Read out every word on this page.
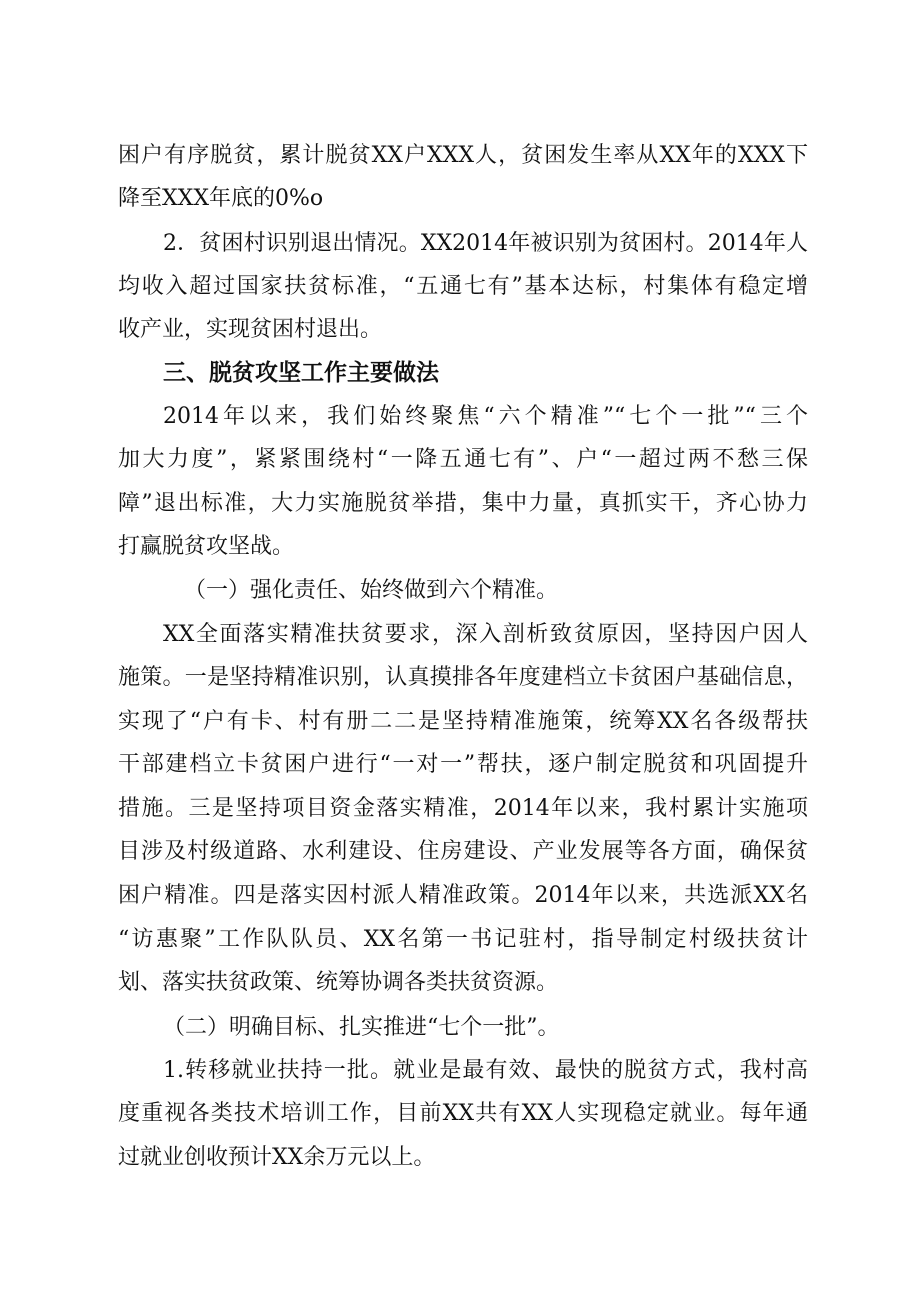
困户有序脱贫，累计脱贫XX户XXX人，贫困发生率从XX年的XXX下
降至XXX年底的0%o
2．贫困村识别退出情况。XX2014年被识别为贫困村。2014年人
均收入超过国家扶贫标准，“五通七有”基本达标，村集体有稳定增
收产业，实现贫困村退出。
三、脱贫攻坚工作主要做法
2014年以来，我们始终聚焦“六个精准”“七个一批”“三个
加大力度”，紧紧围绕村“一降五通七有”、户“一超过两不愁三保
障”退出标准，大力实施脱贫举措，集中力量，真抓实干，齐心协力
打赢脱贫攻坚战。
（一）强化责任、始终做到六个精准。
XX全面落实精准扶贫要求，深入剖析致贫原因，坚持因户因人
施策。一是坚持精准识别，认真摸排各年度建档立卡贫困户基础信息，
实现了“户有卡、村有册二二是坚持精准施策，统筹XX名各级帮扶
干部建档立卡贫困户进行“一对一”帮扶，逐户制定脱贫和巩固提升
措施。三是坚持项目资金落实精准，2014年以来，我村累计实施项
目涉及村级道路、水利建设、住房建设、产业发展等各方面，确保贫
困户精准。四是落实因村派人精准政策。2014年以来，共选派XX名
“访惠聚”工作队队员、XX名第一书记驻村，指导制定村级扶贫计
划、落实扶贫政策、统筹协调各类扶贫资源。
（二）明确目标、扎实推进“七个一批”。
1.转移就业扶持一批。就业是最有效、最快的脱贫方式，我村高
度重视各类技术培训工作，目前XX共有XX人实现稳定就业。每年通
过就业创收预计XX余万元以上。
